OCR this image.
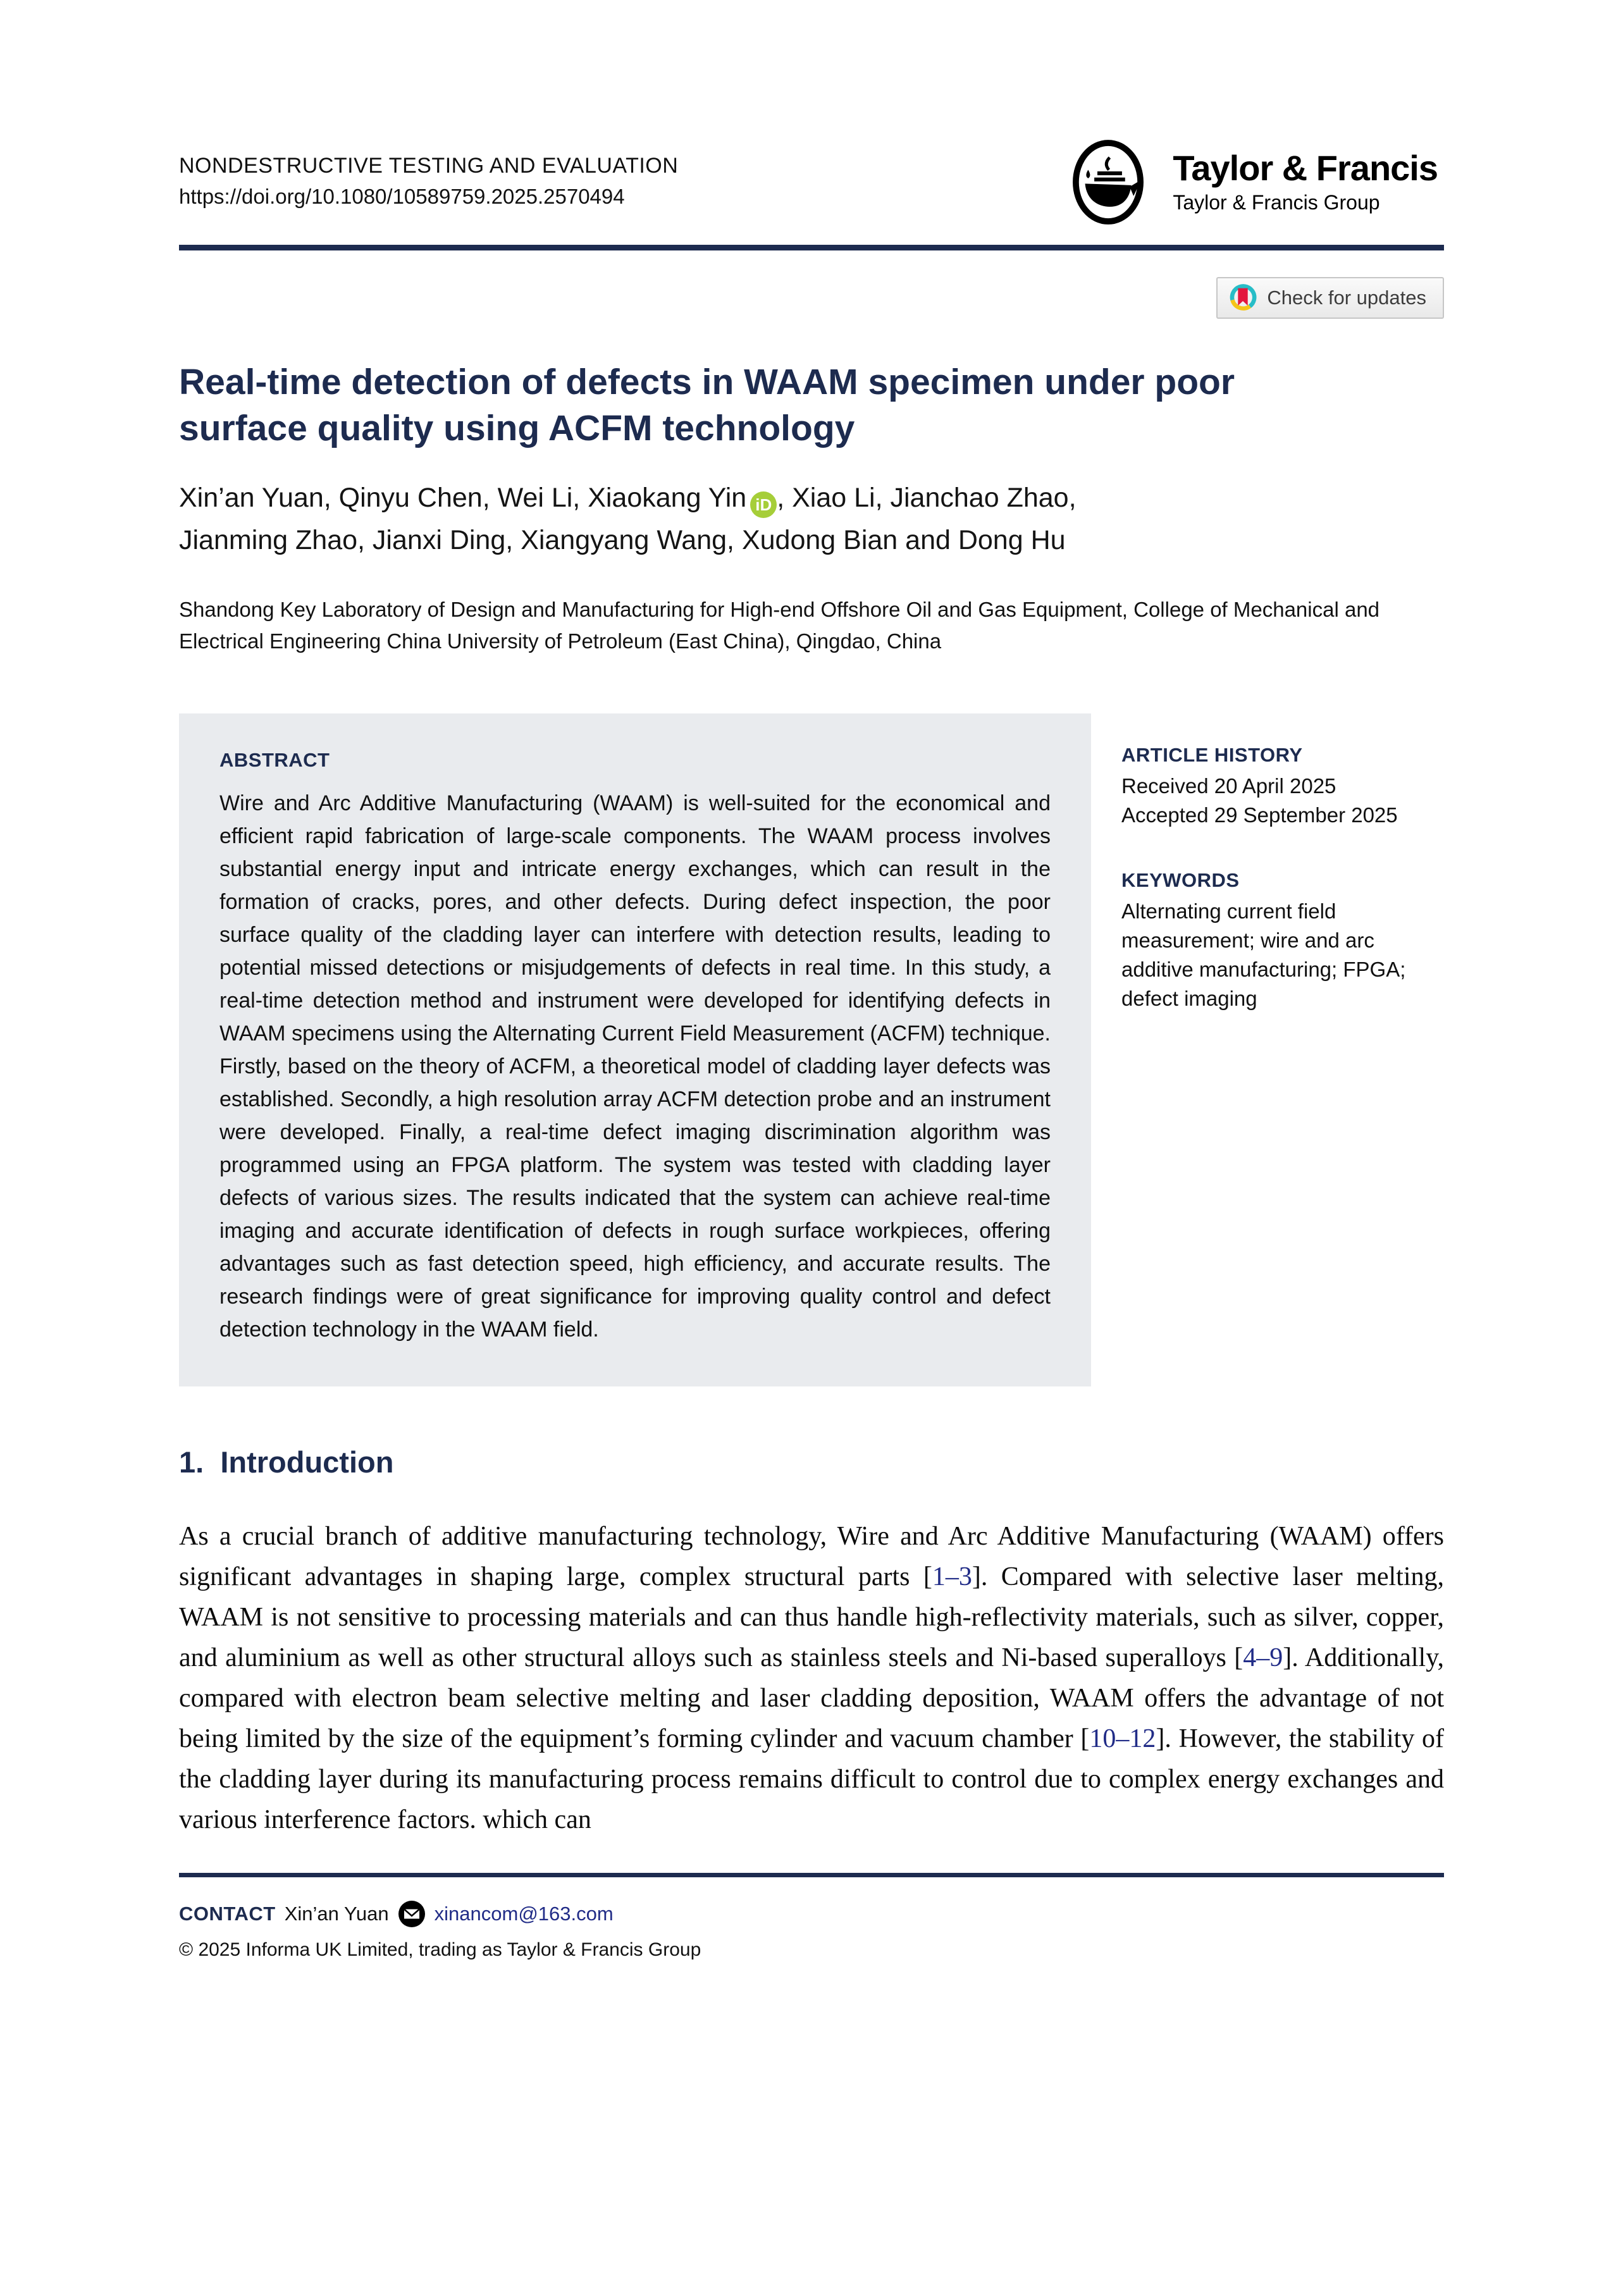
NONDESTRUCTIVE TESTING AND EVALUATION
https://doi.org/10.1080/10589759.2025.2570494
Taylor & Francis
Taylor & Francis Group
Check for updates
Real-time detection of defects in WAAM specimen under poor surface quality using ACFM technology
Xin’an Yuan, Qinyu Chen, Wei Li, Xiaokang Yin iD , Xiao Li, Jianchao Zhao,
Jianming Zhao, Jianxi Ding, Xiangyang Wang, Xudong Bian and Dong Hu
Shandong Key Laboratory of Design and Manufacturing for High-end Offshore Oil and Gas Equipment, College of Mechanical and Electrical Engineering China University of Petroleum (East China), Qingdao, China
ABSTRACT
Wire and Arc Additive Manufacturing (WAAM) is well-suited for the economical and efficient rapid fabrication of large-scale components. The WAAM process involves substantial energy input and intricate energy exchanges, which can result in the formation of cracks, pores, and other defects. During defect inspection, the poor surface quality of the cladding layer can interfere with detection results, leading to potential missed detections or misjudgements of defects in real time. In this study, a real-time detection method and instrument were developed for identifying defects in WAAM specimens using the Alternating Current Field Measurement (ACFM) technique. Firstly, based on the theory of ACFM, a theoretical model of cladding layer defects was established. Secondly, a high resolution array ACFM detection probe and an instrument were developed. Finally, a real-time defect imaging discrimination algorithm was programmed using an FPGA platform. The system was tested with cladding layer defects of various sizes. The results indicated that the system can achieve real-time imaging and accurate identification of defects in rough surface workpieces, offering advantages such as fast detection speed, high efficiency, and accurate results. The research findings were of great significance for improving quality control and defect detection technology in the WAAM field.
ARTICLE HISTORY
Received 20 April 2025
Accepted 29 September 2025
KEYWORDS
Alternating current field measurement; wire and arc additive manufacturing; FPGA; defect imaging
1.  Introduction

As a crucial branch of additive manufacturing technology, Wire and Arc Additive Manufacturing (WAAM) offers significant advantages in shaping large, complex structural parts [1–3]. Compared with selective laser melting, WAAM is not sensitive to processing materials and can thus handle high-reflectivity materials, such as silver, copper, and aluminium as well as other structural alloys such as stainless steels and Ni-based superalloys [4–9]. Additionally, compared with electron beam selective melting and laser cladding deposition, WAAM offers the advantage of not being limited by the size of the equipment’s forming cylinder and vacuum chamber [10–12]. However, the stability of the cladding layer during its manufacturing process remains difficult to control due to complex energy exchanges and various interference factors. which can

CONTACT Xin’an Yuan xinancom@163.com
© 2025 Informa UK Limited, trading as Taylor & Francis Group
